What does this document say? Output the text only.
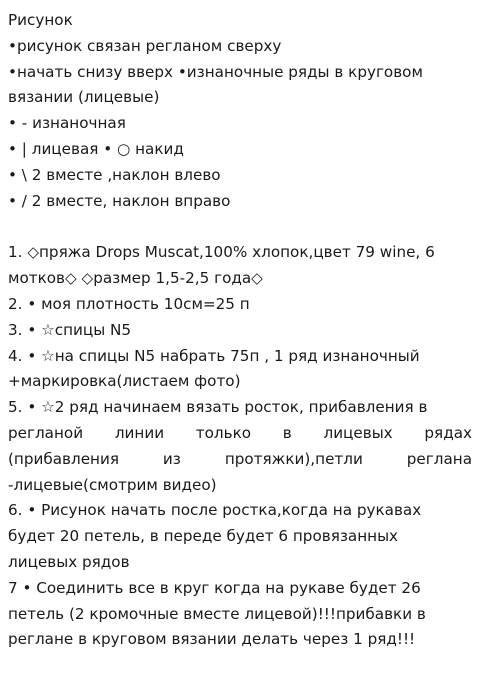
Рисунок
•рисунок связан регланом сверху
•начать снизу вверх •изнаночные ряды в круговом
вязании (лицевые)
• - изнаночная
• | лицевая • ○ накид
• \ 2 вместе ,наклон влево
• / 2 вместе, наклон вправо
1. ◇пряжа Drops Muscat,100% хлопок,цвет 79 wine, 6
мотков◇ ◇размер 1,5-2,5 года◇
2. • моя плотность 10см=25 п
3. • ☆спицы N5
4. • ☆на спицы N5 набрать 75п , 1 ряд изнаночный
+маркировка(листаем фото)
5. • ☆2 ряд начинаем вязать росток, прибавления в
регланой линии только в лицевых рядах
(прибавления	из	протяжки),петли	реглана
-лицевые(смотрим видео)
6. • Рисунок начать после ростка,когда на рукавах
будет 20 петель, в переде будет 6 провязанных
лицевых рядов
7 • Соединить все в круг когда на рукаве будет 26
петель (2 кромочные вместе лицевой)!!!прибавки в
реглане в круговом вязании делать через 1 ряд!!!
